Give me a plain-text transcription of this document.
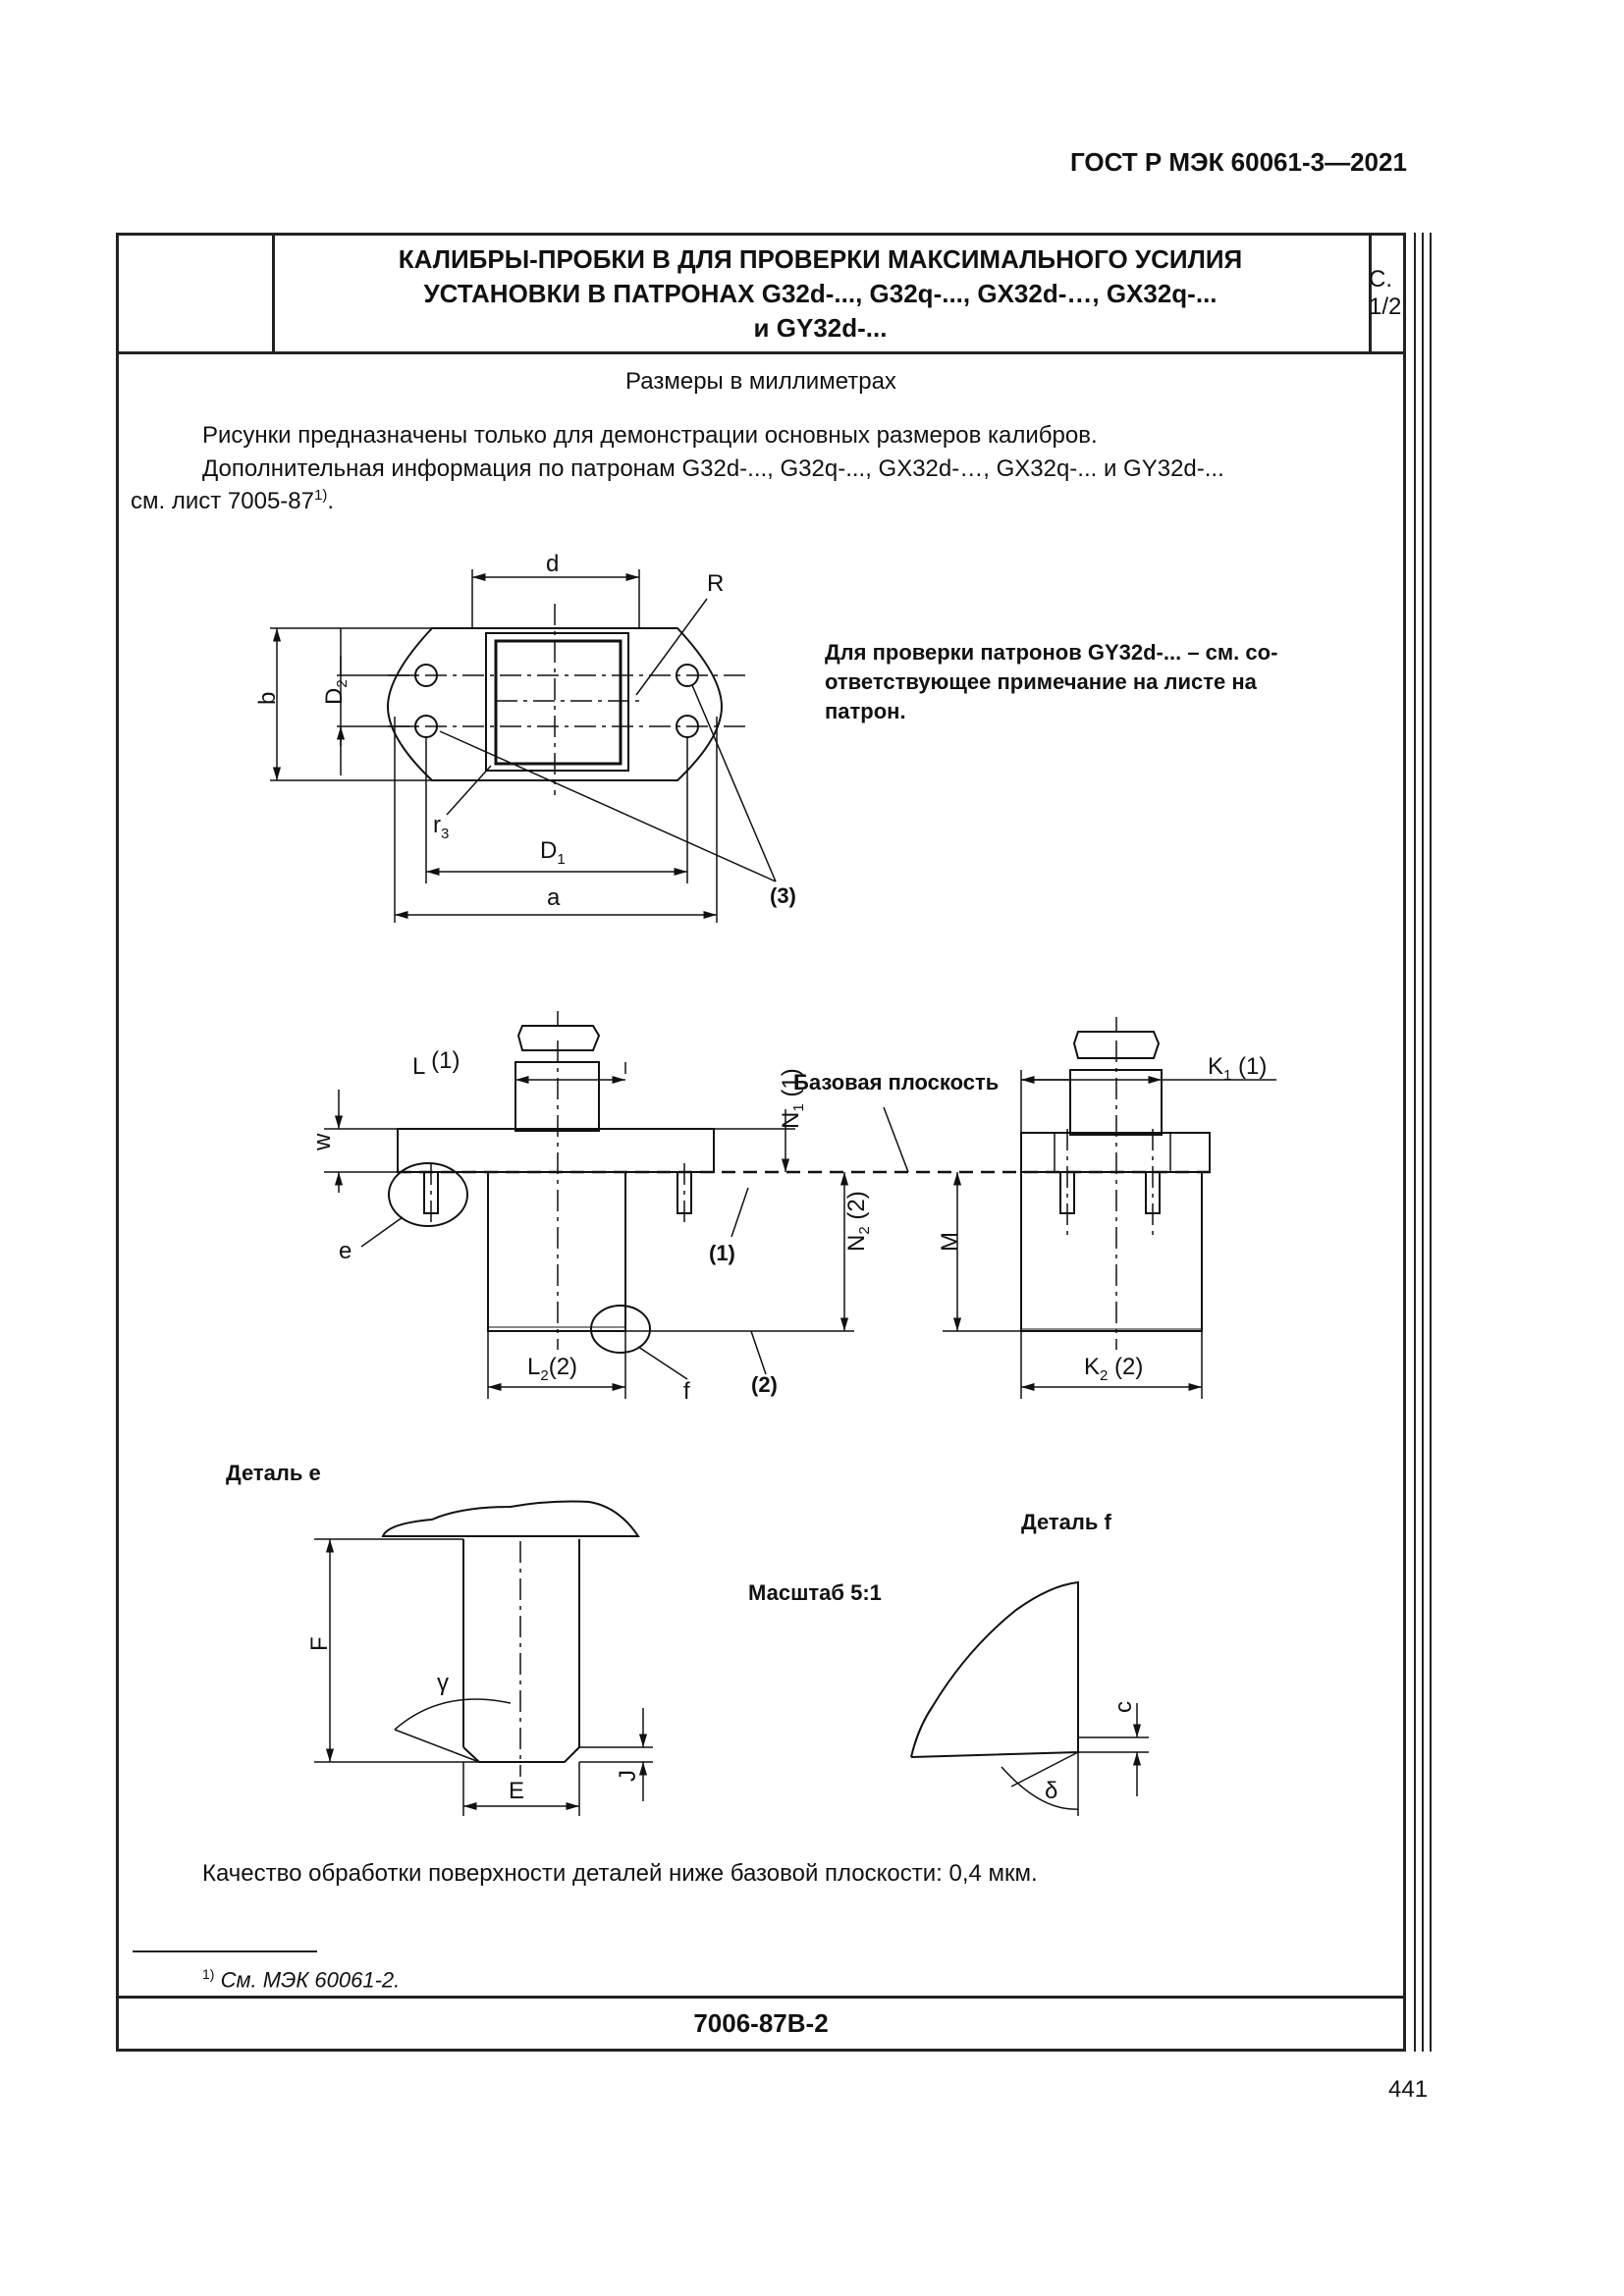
ГОСТ Р МЭК 60061-3—2021
КАЛИБРЫ-ПРОБКИ В ДЛЯ ПРОВЕРКИ МАКСИМАЛЬНОГО УСИЛИЯ
УСТАНОВКИ В ПАТРОНАХ G32d-..., G32q-..., GX32d-…, GX32q-...
и GY32d-...
С. 1/2
Размеры в миллиметрах
Рисунки предназначены только для демонстрации основных размеров калибров.
Дополнительная информация по патронам G32d-..., G32q-..., GX32d-…, GX32q-... и GY32d-...
см. лист 7005-87$^{1)}$.
Качество обработки поверхности деталей ниже базовой плоскости: 0,4 мкм.
$^{1)}$ См. МЭК 60061-2.
7006-87B-2
441
d
R
b $D_2$
$r_3$
$D_1$
a	(3)
Для проверки патронов GY32d-... – см. со-
ответствующее примечание на листе на
патрон.
L (1)
w
$N_1$ (1)
Базовая плоскость
e	(1)	$N_2$ (2)
$L_2(2)$
f	(2)
$K_1$ (1)
M
$K_2$ (2)
Деталь e
F
γ
E
J
Деталь f
Масштаб 5:1
c
δ
